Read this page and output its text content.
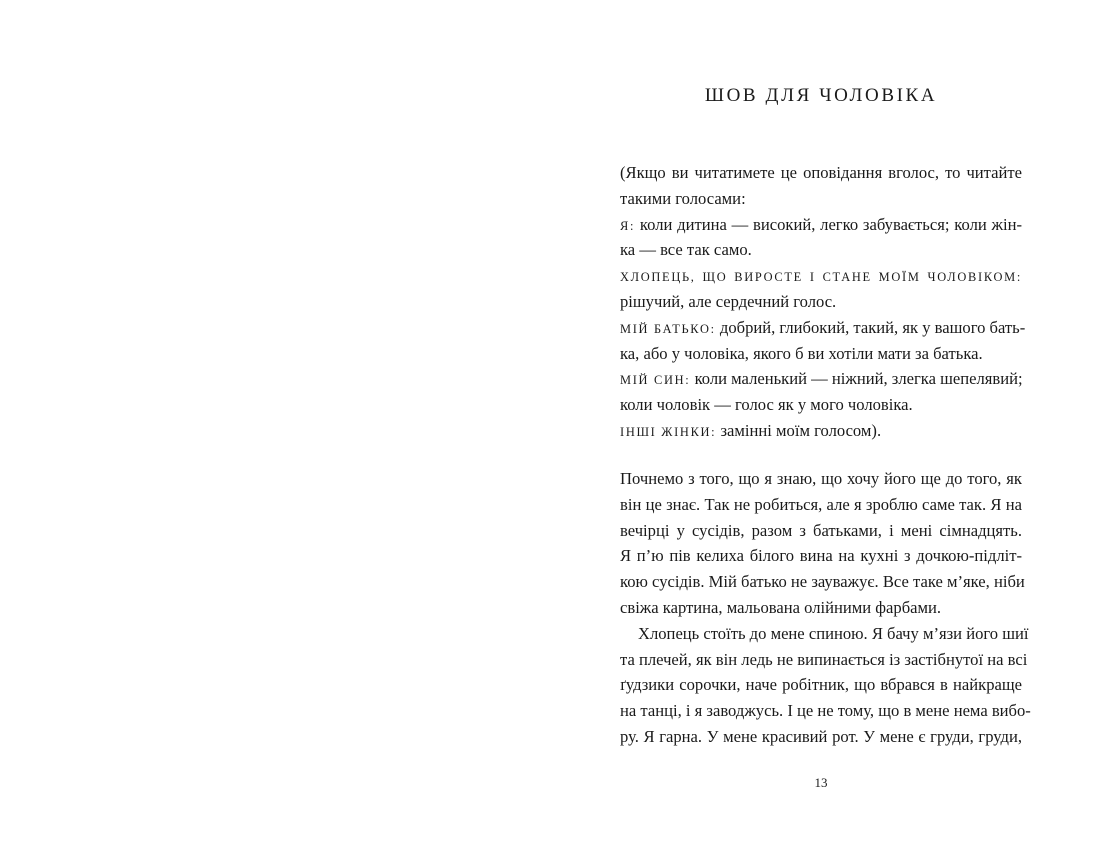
ШОВ ДЛЯ ЧОЛОВІКА
(Якщо ви читатимете це оповідання вголос, то читайте
такими голосами:
Я: коли дитина — високий, легко забувається; коли жін-
ка — все так само.
ХЛОПЕЦЬ, ЩО ВИРОСТЕ І СТАНЕ МОЇМ ЧОЛОВІКОМ:
рішучий, але сердечний голос.
МІЙ БАТЬКО: добрий, глибокий, такий, як у вашого бать-
ка, або у чоловіка, якого б ви хотіли мати за батька.
МІЙ СИН: коли маленький — ніжний, злегка шепелявий;
коли чоловік — голос як у мого чоловіка.
ІНШІ ЖІНКИ: замінні моїм голосом).
Почнемо з того, що я знаю, що хочу його ще до того, як
він це знає. Так не робиться, але я зроблю саме так. Я на
вечірці у сусідів, разом з батьками, і мені сімнадцять.
Я п’ю пів келиха білого вина на кухні з дочкою-підліт-
кою сусідів. Мій батько не зауважує. Все таке м’яке, ніби
свіжа картина, мальована олійними фарбами.
Хлопець стоїть до мене спиною. Я бачу м’язи його шиї
та плечей, як він ледь не випинається із застібнутої на всі
ґудзики сорочки, наче робітник, що вбрався в найкраще
на танці, і я заводжусь. І це не тому, що в мене нема вибо-
ру. Я гарна. У мене красивий рот. У мене є груди, груди,
13
